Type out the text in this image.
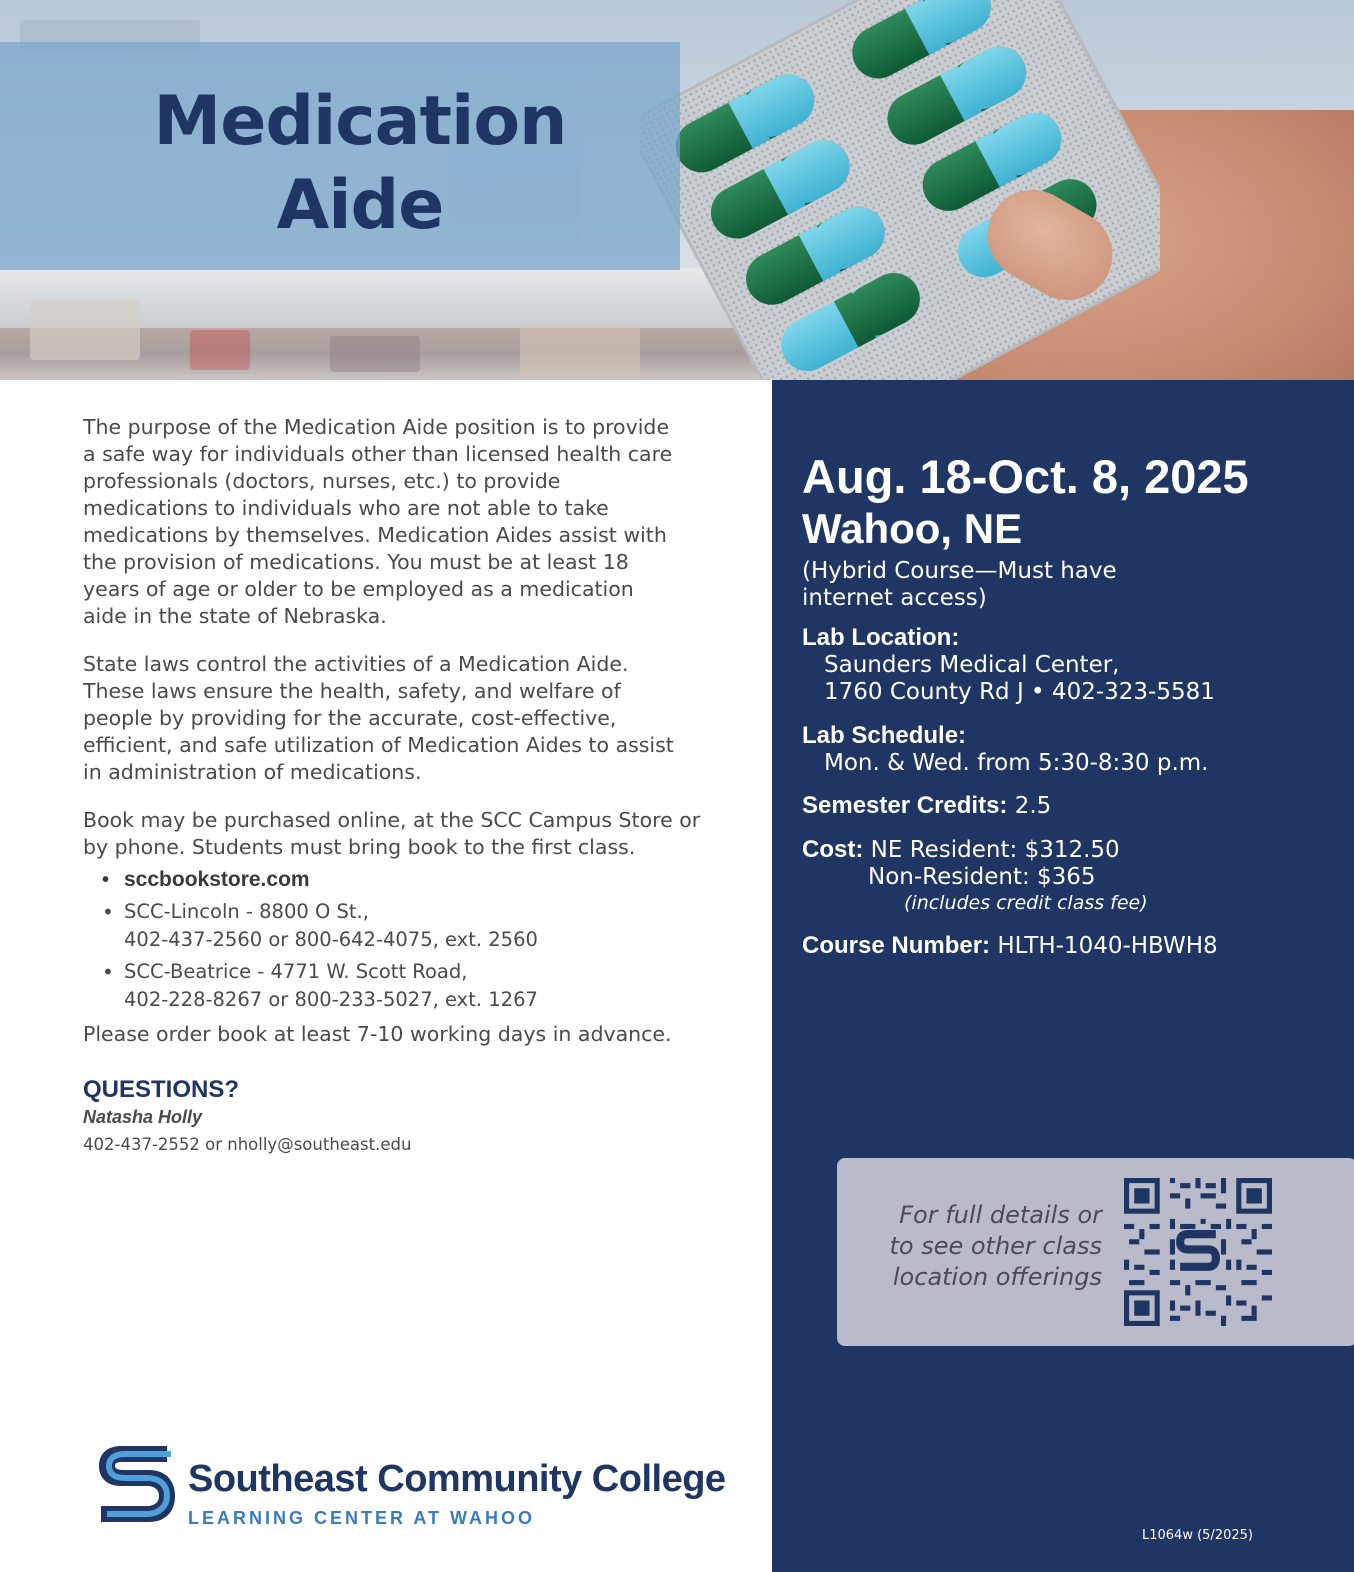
Medication
Aide

The purpose of the Medication Aide position is to provide a safe way for individuals other than licensed health care professionals (doctors, nurses, etc.) to provide medications to individuals who are not able to take medications by themselves. Medication Aides assist with the provision of medications. You must be at least 18 years of age or older to be employed as a medication aide in the state of Nebraska.

State laws control the activities of a Medication Aide. These laws ensure the health, safety, and welfare of people by providing for the accurate, cost-effective, efficient, and safe utilization of Medication Aides to assist in administration of medications.

Book may be purchased online, at the SCC Campus Store or by phone. Students must bring book to the first class.

• sccbookstore.com
• SCC-Lincoln - 8800 O St.,
402-437-2560 or 800-642-4075, ext. 2560
• SCC-Beatrice - 4771 W. Scott Road,
402-228-8267 or 800-233-5027, ext. 1267

Please order book at least 7-10 working days in advance.

QUESTIONS?
Natasha Holly
402-437-2552 or nholly@southeast.edu
Southeast Community College
LEARNING CENTER AT WAHOO
Aug. 18-Oct. 8, 2025
Wahoo, NE
(Hybrid Course—Must have
internet access)
Lab Location:
Saunders Medical Center,
1760 County Rd J • 402-323-5581
Lab Schedule:
Mon. & Wed. from 5:30-8:30 p.m.
Semester Credits: 2.5
Cost: NE Resident: $312.50
Non-Resident: $365
(includes credit class fee)
Course Number: HLTH-1040-HBWH8
For full details or
to see other class
location offerings
L1064w (5/2025)
